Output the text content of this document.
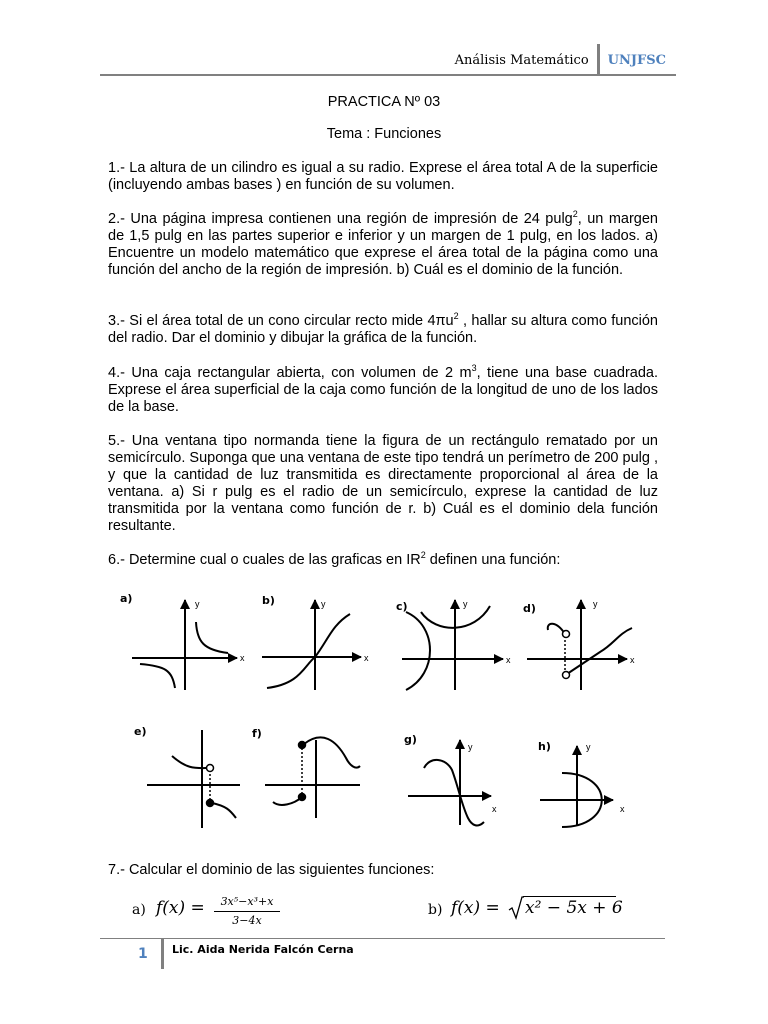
Análisis Matemático	UNJFSC
PRACTICA Nº 03
Tema : Funciones
1.- La altura de un cilindro es igual a su radio. Exprese el área total A de la superficie (incluyendo ambas bases ) en función de su volumen.
2.- Una página impresa contienen una región de impresión de 24 pulg$^2$, un margen de 1,5 pulg en las partes superior e inferior y un margen de 1 pulg, en los lados. a) Encuentre un modelo matemático que exprese el área total de la página como una función del ancho de la región de impresión. b) Cuál es el dominio de la función.
3.- Si el área total de un cono circular recto mide $4\pi u^2$ , hallar su altura como función del radio. Dar el dominio y dibujar la gráfica de la función.
4.- Una caja rectangular abierta, con volumen de 2 $m^3$, tiene una base cuadrada. Exprese el área superficial de la caja como función de la longitud de uno de los lados de la base.
5.- Una ventana tipo normanda tiene la figura de un rectángulo rematado por un semicírculo. Suponga que una ventana de este tipo tendrá un perímetro de 200 pulg , y que la cantidad de luz transmitida es directamente proporcional al área de la ventana. a) Si r pulg es el radio de un semicírculo, exprese la cantidad de luz transmitida por la ventana como función de r. b) Cuál es el dominio dela función resultante.
6.- Determine cual o cuales de las graficas en $IR^2$ definen una función:
a)	b)	c)	d)
e)	f)	g)
h)
x
y
x
y
x
y
x
y
x
y
x
y
7.- Calcular el dominio de las siguientes funciones:
a) f(x) =	3x⁵−x³+x
3−4x
b) f(x) = x² − 5x + 6
1 Lic. Aida Nerida Falcón Cerna
